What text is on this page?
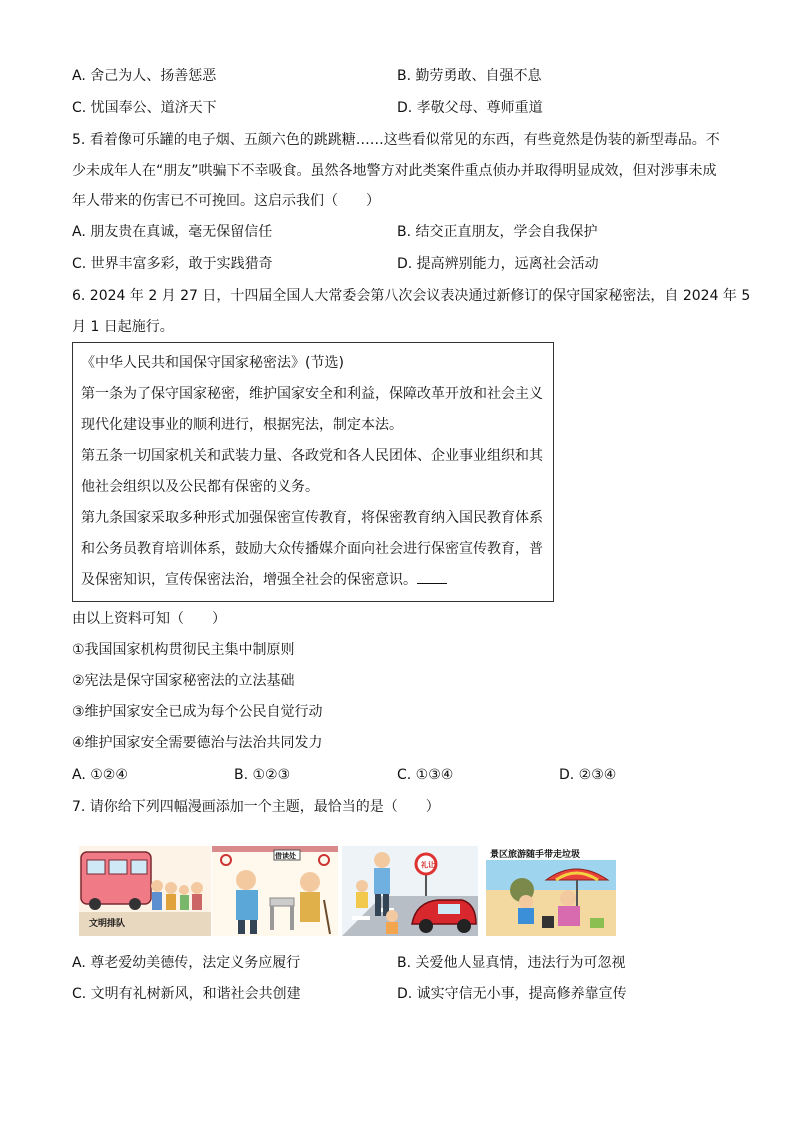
A. 舍己为人、扬善惩恶	B. 勤劳勇敢、自强不息
C. 忧国奉公、道济天下	D. 孝敬父母、尊师重道
5. 看着像可乐罐的电子烟、五颜六色的跳跳糖……这些看似常见的东西，有些竟然是伪装的新型毒品。不
少未成年人在“朋友”哄骗下不幸吸食。虽然各地警方对此类案件重点侦办并取得明显成效，但对涉事未成
年人带来的伤害已不可挽回。这启示我们（　　）
A. 朋友贵在真诚，毫无保留信任	B. 结交正直朋友，学会自我保护
C. 世界丰富多彩，敢于实践猎奇	D. 提高辨别能力，远离社会活动
6. 2024 年 2 月 27 日，十四届全国人大常委会第八次会议表决通过新修订的保守国家秘密法，自 2024 年 5
月 1 日起施行。
《中华人民共和国保守国家秘密法》(节选)
第一条为了保守国家秘密，维护国家安全和利益，保障改革开放和社会主义
现代化建设事业的顺利进行，根据宪法，制定本法。
第五条一切国家机关和武装力量、各政党和各人民团体、企业事业组织和其
他社会组织以及公民都有保密的义务。
第九条国家采取多种形式加强保密宣传教育，将保密教育纳入国民教育体系
和公务员教育培训体系，鼓励大众传播媒介面向社会进行保密宣传教育，普
及保密知识，宣传保密法治，增强全社会的保密意识。
由以上资料可知（　　）
①我国国家机构贯彻民主集中制原则
②宪法是保守国家秘密法的立法基础
③维护国家安全已成为每个公民自觉行动
④维护国家安全需要德治与法治共同发力
A. ①②④	B. ①②③	C. ①③④	D. ②③④
7. 请你给下列四幅漫画添加一个主题，最恰当的是（　　）
文明排队
借读处
礼让
景区旅游随手带走垃圾
A. 尊老爱幼美德传，法定义务应履行	B. 关爱他人显真情，违法行为可忽视
C. 文明有礼树新风，和谐社会共创建	D. 诚实守信无小事，提高修养靠宣传
